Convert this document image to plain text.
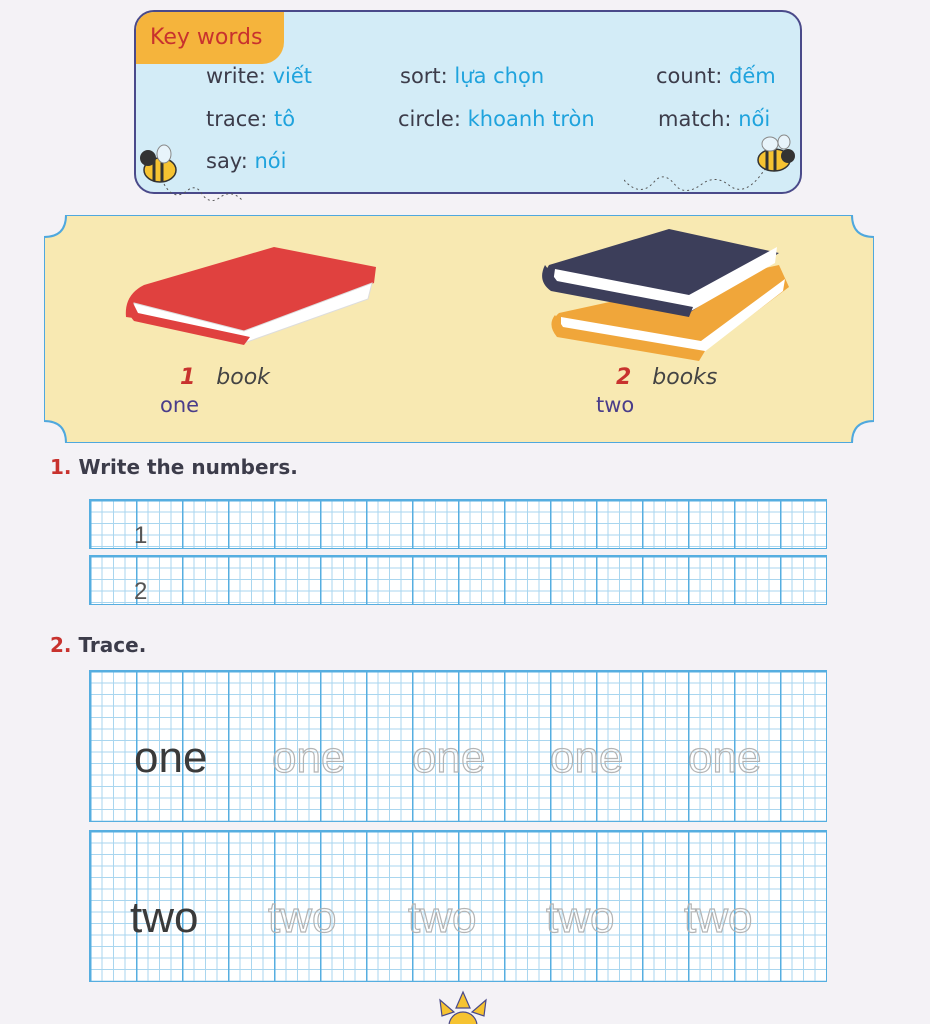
Key words
write: viết	sort: lựa chọn	count: đếm
trace: tô	circle: khoanh tròn	match: nối
say: nói
1 book
one
2 books
two
1. Write the numbers.
1
2
2. Trace.
one one one one one
two two two two two
